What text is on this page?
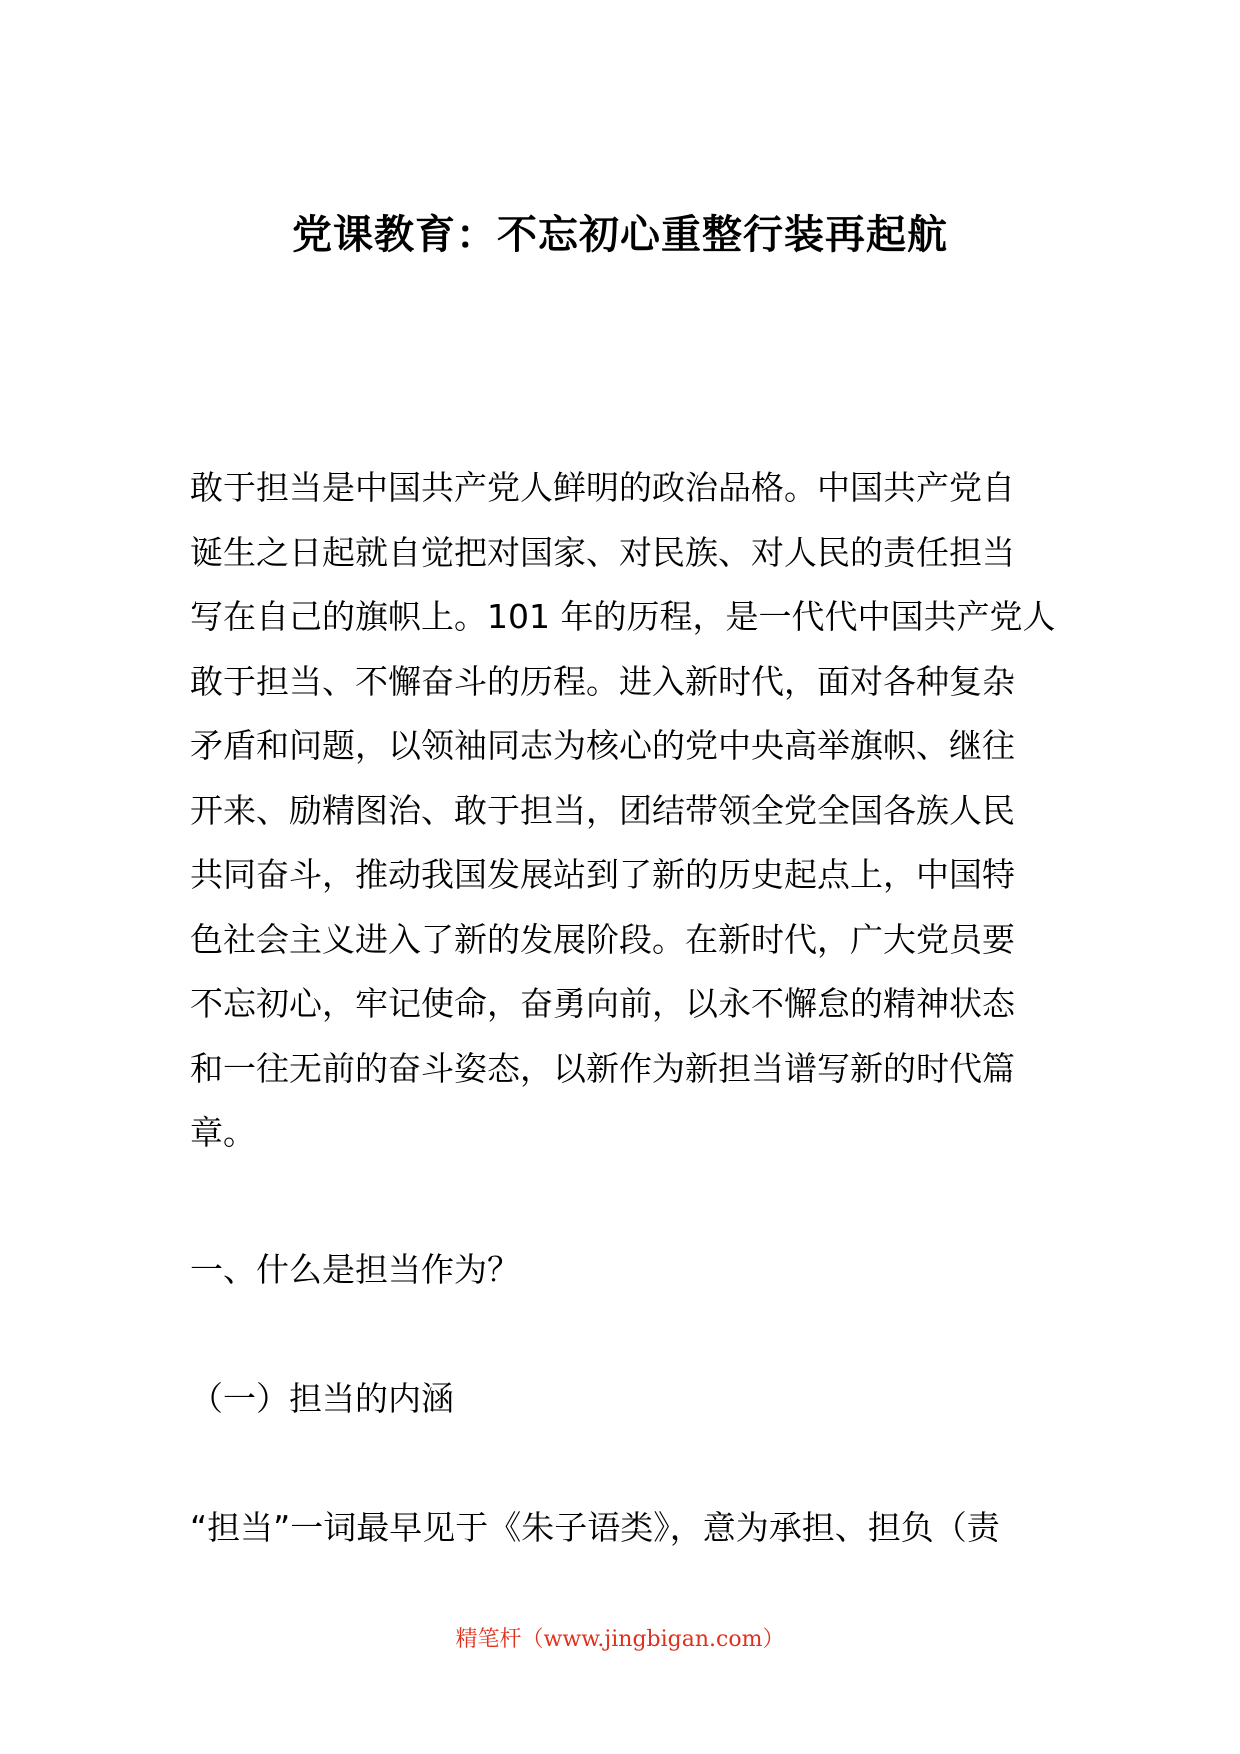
党课教育：不忘初心重整行装再起航

敢于担当是中国共产党人鲜明的政治品格。中国共产党自
诞生之日起就自觉把对国家、对民族、对人民的责任担当
写在自己的旗帜上。101 年的历程，是一代代中国共产党人
敢于担当、不懈奋斗的历程。进入新时代，面对各种复杂
矛盾和问题，以领袖同志为核心的党中央高举旗帜、继往
开来、励精图治、敢于担当，团结带领全党全国各族人民
共同奋斗，推动我国发展站到了新的历史起点上，中国特
色社会主义进入了新的发展阶段。在新时代，广大党员要
不忘初心，牢记使命，奋勇向前，以永不懈怠的精神状态
和一往无前的奋斗姿态，以新作为新担当谱写新的时代篇
章。

一、什么是担当作为？

（一）担当的内涵

“担当”一词最早见于《朱子语类》，意为承担、担负（责

精笔杆（www.jingbigan.com）
